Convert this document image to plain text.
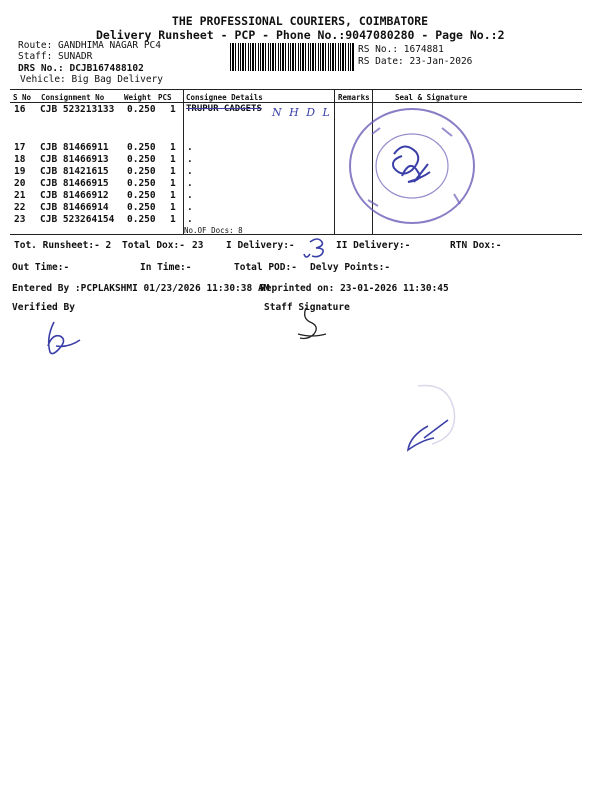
THE PROFESSIONAL COURIERS, COIMBATORE
Delivery Runsheet - PCP - Phone No.:9047080280 - Page No.:2
Route: GANDHIMA NAGAR PC4
Staff: SUNADR
DRS No.: DCJB167488102
Vehicle: Big Bag Delivery
RS No.: 1674881
RS Date: 23-Jan-2026
S No Consignment No	Weight PCS Consignee Details	Remarks	Seal & Signature
16 CJB 523213133 0.250 1 TRUPUR CADGETS
17 CJB 81466911 0.250 1 .
18 CJB 81466913 0.250 1 .
19 CJB 81421615 0.250 1 .
20 CJB 81466915 0.250 1 .
21 CJB 81466912 0.250 1 .
22 CJB 81466914 0.250 1 .
23 CJB 523264154 0.250 1 .
No.OF Docs: 8
N H D L
Tot. Runsheet:- 2 Total Dox:- 23 I Delivery:-	II Delivery:-	RTN Dox:-
Out Time:-	In Time:-	Total POD:- Delvy Points:-
Entered By :PCPLAKSHMI 01/23/2026 11:30:38 AM
Reprinted on: 23-01-2026 11:30:45
Verified By	Staff Signature
